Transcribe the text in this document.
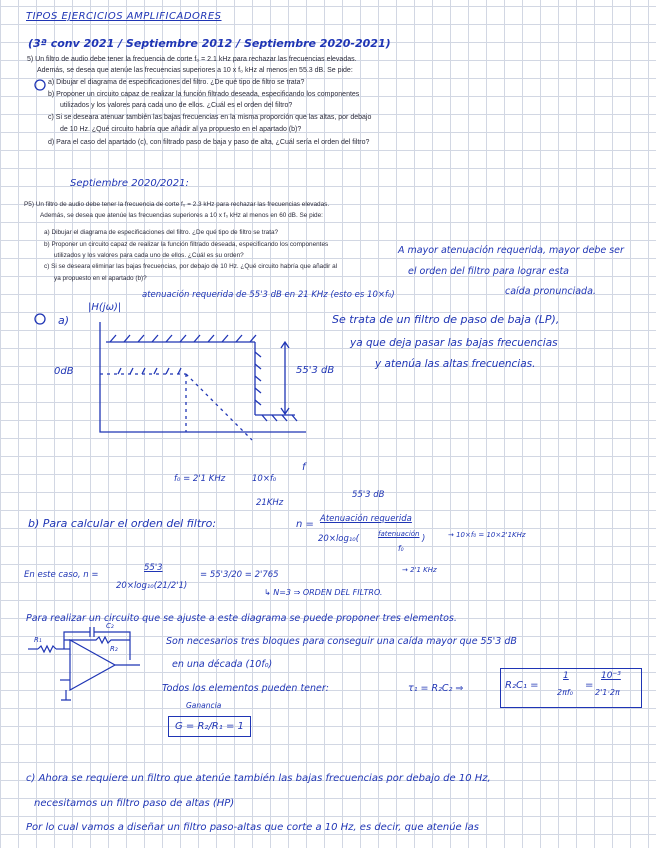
TIPOS EJERCICIOS AMPLIFICADORES
(3ª conv 2021 / Septiembre 2012 / Septiembre 2020-2021)
5) Un filtro de audio debe tener la frecuencia de corte f₀ = 2.1 kHz para rechazar las frecuencias elevadas.
Además, se desea que atenúe las frecuencias superiores a 10 x f₀ kHz al menos en 55.3 dB. Se pide:
a) Dibujar el diagrama de especificaciones del filtro. ¿De qué tipo de filtro se trata?
b) Proponer un circuito capaz de realizar la función filtrado deseada, especificando los componentes
utilizados y los valores para cada uno de ellos. ¿Cuál es el orden del filtro?
c) Si se deseara atenuar también las bajas frecuencias en la misma proporción que las altas, por debajo
de 10 Hz. ¿Qué circuito habría que añadir al ya propuesto en el apartado (b)?
d) Para el caso del apartado (c), con filtrado paso de baja y paso de alta, ¿Cuál sería el orden del filtro?
Septiembre 2020/2021:
P5) Un filtro de audio debe tener la frecuencia de corte f₀ = 2.3 kHz para rechazar las frecuencias elevadas.
Además, se desea que atenúe las frecuencias superiores a 10 x f₀ kHz al menos en 60 dB. Se pide:
a) Dibujar el diagrama de especificaciones del filtro. ¿De qué tipo de filtro se trata?
b) Proponer un circuito capaz de realizar la función filtrado deseada, especificando los componentes
utilizados y los valores para cada uno de ellos. ¿Cuál es su orden?
c) Si se deseara eliminar las bajas frecuencias, por debajo de 10 Hz. ¿Qué circuito habría que añadir al
ya propuesto en el apartado (b)?
A mayor atenuación requerida, mayor debe ser
el orden del filtro para lograr esta
caída pronunciada.
atenuación requerida de 55'3 dB en 21 KHz (esto es 10×f₀)
Se trata de un filtro de paso de baja (LP),
ya que deja pasar las bajas frecuencias
y atenúa las altas frecuencias.
a)
|H(jω)|
0dB	55'3 dB
f₀ = 2'1 KHz	10×f₀
21KHz
f
55'3 dB
b) Para calcular el orden del filtro:	n = Atenuación requerida
20×log₁₀(	fatenuación
f₀
)	→ 10×f₀ = 10×2'1KHz
→ 2'1 KHz
En este caso, n =
55'3
20×log₁₀(21/2'1)
= 55'3/20 = 2'765
↳ N=3 ⇒ ORDEN DEL FILTRO.
Para realizar un circuito que se ajuste a este diagrama se puede proponer tres elementos.
Son necesarios tres bloques para conseguir una caída mayor que 55'3 dB
en una década (10f₀)
Todos los elementos pueden tener:	τ₁ = R₂C₂ ⇒	R₂C₁ =
1
2πf₀
=
10⁻³
2'1·2π
Ganancia
G = R₂/R₁ = 1
R₁
R₂
C₂
c) Ahora se requiere un filtro que atenúe también las bajas frecuencias por debajo de 10 Hz,
necesitamos un filtro paso de altas (HP)
Por lo cual vamos a diseñar un filtro paso-altas que corte a 10 Hz, es decir, que atenúe las
